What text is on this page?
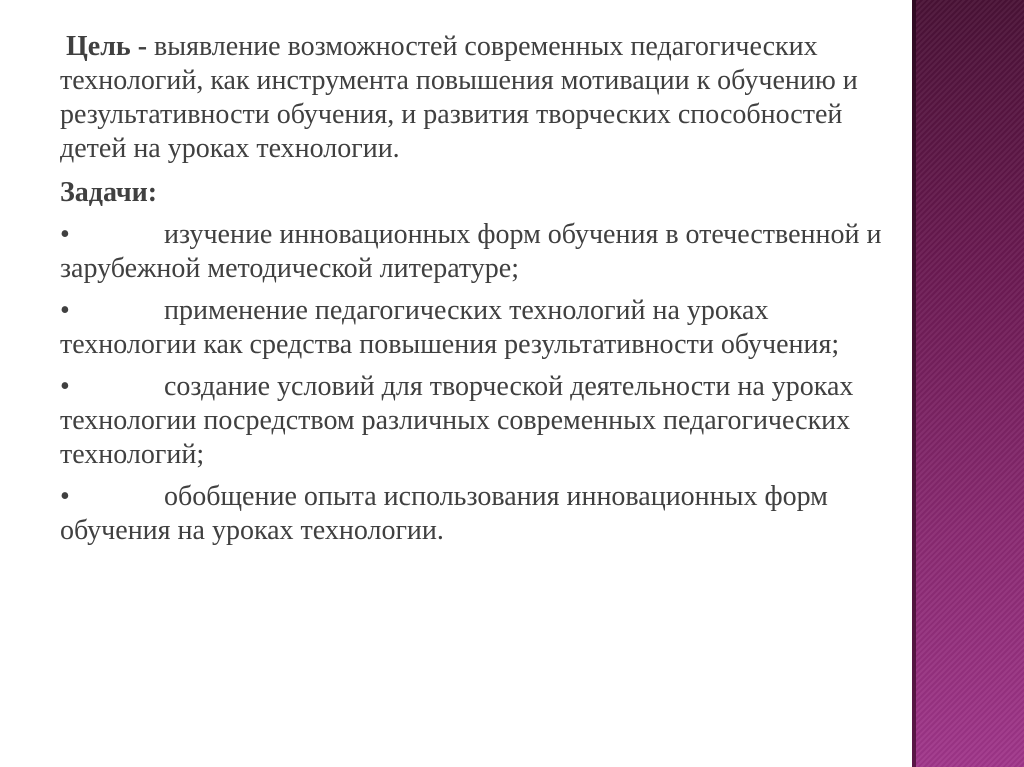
Цель - выявление возможностей современных педагогических технологий, как инструмента повышения мотивации к обучению и результативности обучения, и развития творческих способностей детей на уроках технологии.

Задачи:

•	изучение инновационных форм обучения в отечественной и зарубежной методической литературе;

•	применение педагогических технологий на уроках технологии как средства повышения результативности обучения;

•	создание условий для творческой деятельности на уроках технологии посредством различных современных педагогических технологий;

•	обобщение опыта использования инновационных форм обучения на уроках технологии.
